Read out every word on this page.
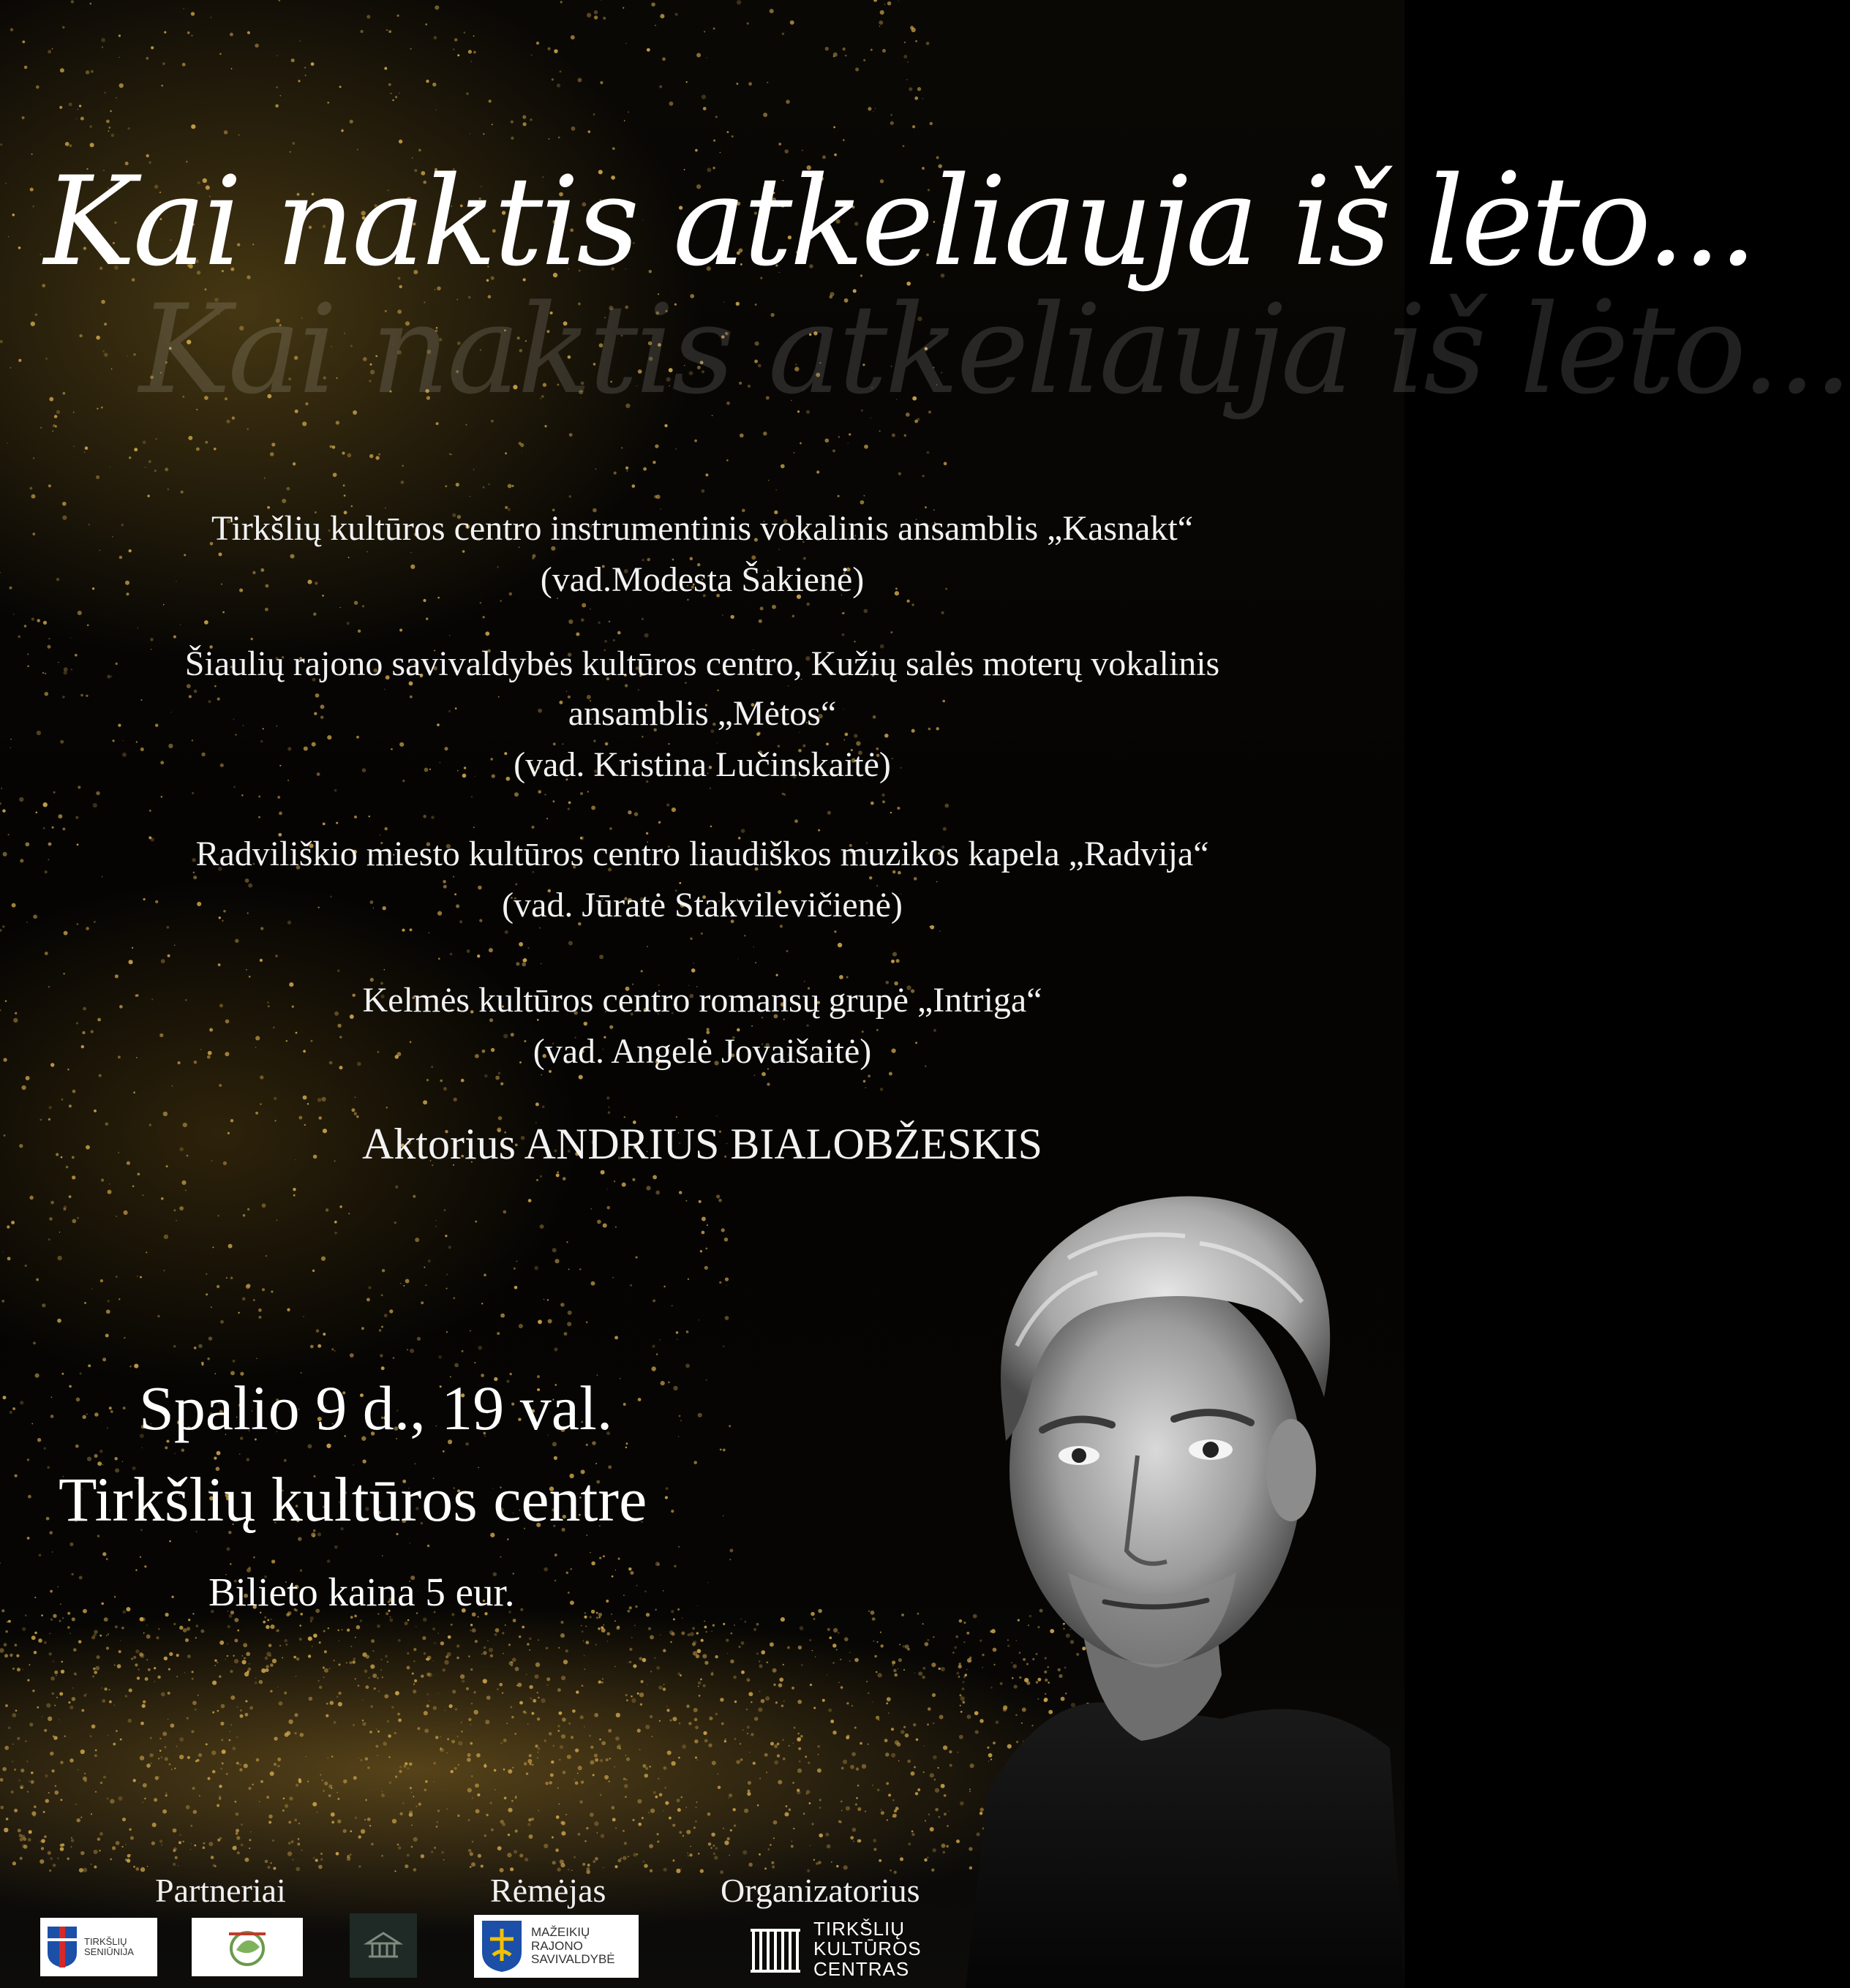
Kai naktis atkeliauja iš lėto...
Kai naktis atkeliauja iš lėto...

Tirkšlių kultūros centro instrumentinis vokalinis ansamblis „Kasnakt“

(vad.Modesta Šakienė)

Šiaulių rajono savivaldybės kultūros centro, Kužių salės moterų vokalinis

ansamblis „Mėtos“

(vad. Kristina Lučinskaitė)

Radviliškio miesto kultūros centro liaudiškos muzikos kapela „Radvija“

(vad. Jūratė Stakvilevičienė)

Kelmės kultūros centro romansų grupė „Intriga“

(vad. Angelė Jovaišaitė)

Aktorius ANDRIUS BIALOBŽESKIS

Spalio 9 d., 19 val.
Tirkšlių kultūros centre
Bilieto kaina 5 eur.
Partneriai	Rėmėjas	Organizatorius
TIRKŠLIŲ SENIŪNIJA
MAŽEIKIŲ RAJONO SAVIVALDYBĖ
TIRKŠLIŲ
KULTŪROS
CENTRAS
